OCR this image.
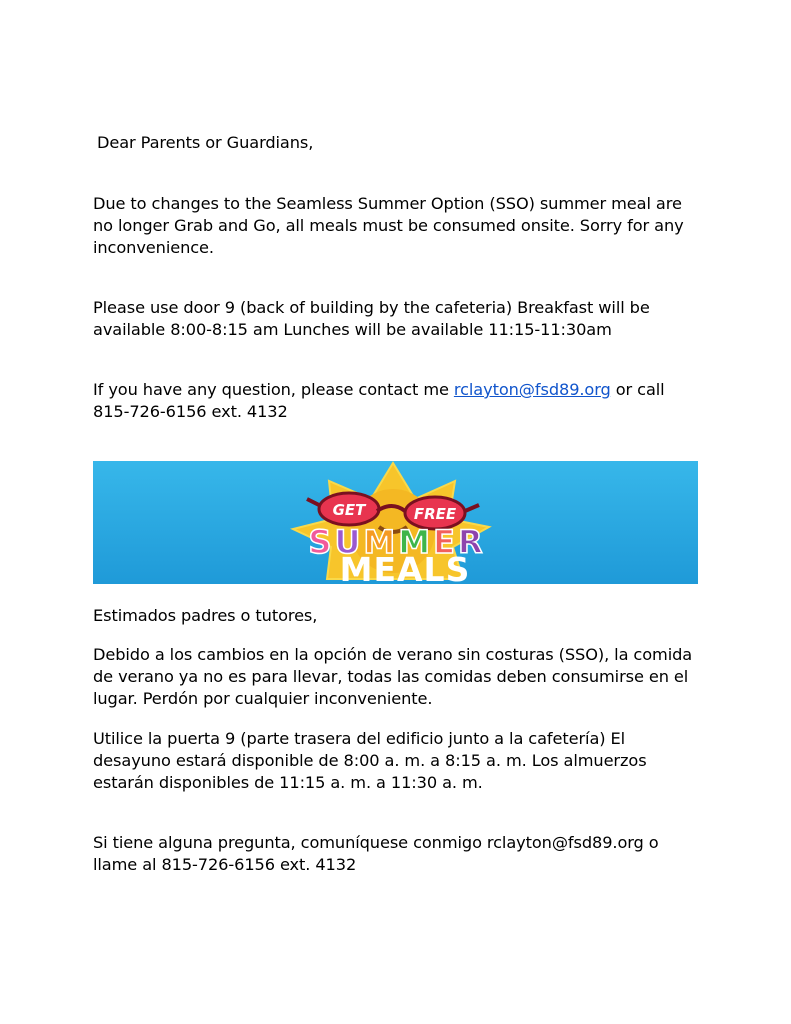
Dear Parents or Guardians,

Due to changes to the Seamless Summer Option (SSO) summer meal are
no longer Grab and Go, all meals must be consumed onsite. Sorry for any
inconvenience.

Please use door 9 (back of building by the cafeteria) Breakfast will be
available 8:00-8:15 am Lunches will be available 11:15-11:30am

If you have any question, please contact me rclayton@fsd89.org or call
815-726-6156 ext. 4132

GET	FREE
SUMMER
MEALS

Estimados padres o tutores,

Debido a los cambios en la opción de verano sin costuras (SSO), la comida
de verano ya no es para llevar, todas las comidas deben consumirse en el
lugar. Perdón por cualquier inconveniente.

Utilice la puerta 9 (parte trasera del edificio junto a la cafetería) El
desayuno estará disponible de 8:00 a. m. a 8:15 a. m. Los almuerzos
estarán disponibles de 11:15 a. m. a 11:30 a. m.

Si tiene alguna pregunta, comuníquese conmigo rclayton@fsd89.org o
llame al 815-726-6156 ext. 4132
